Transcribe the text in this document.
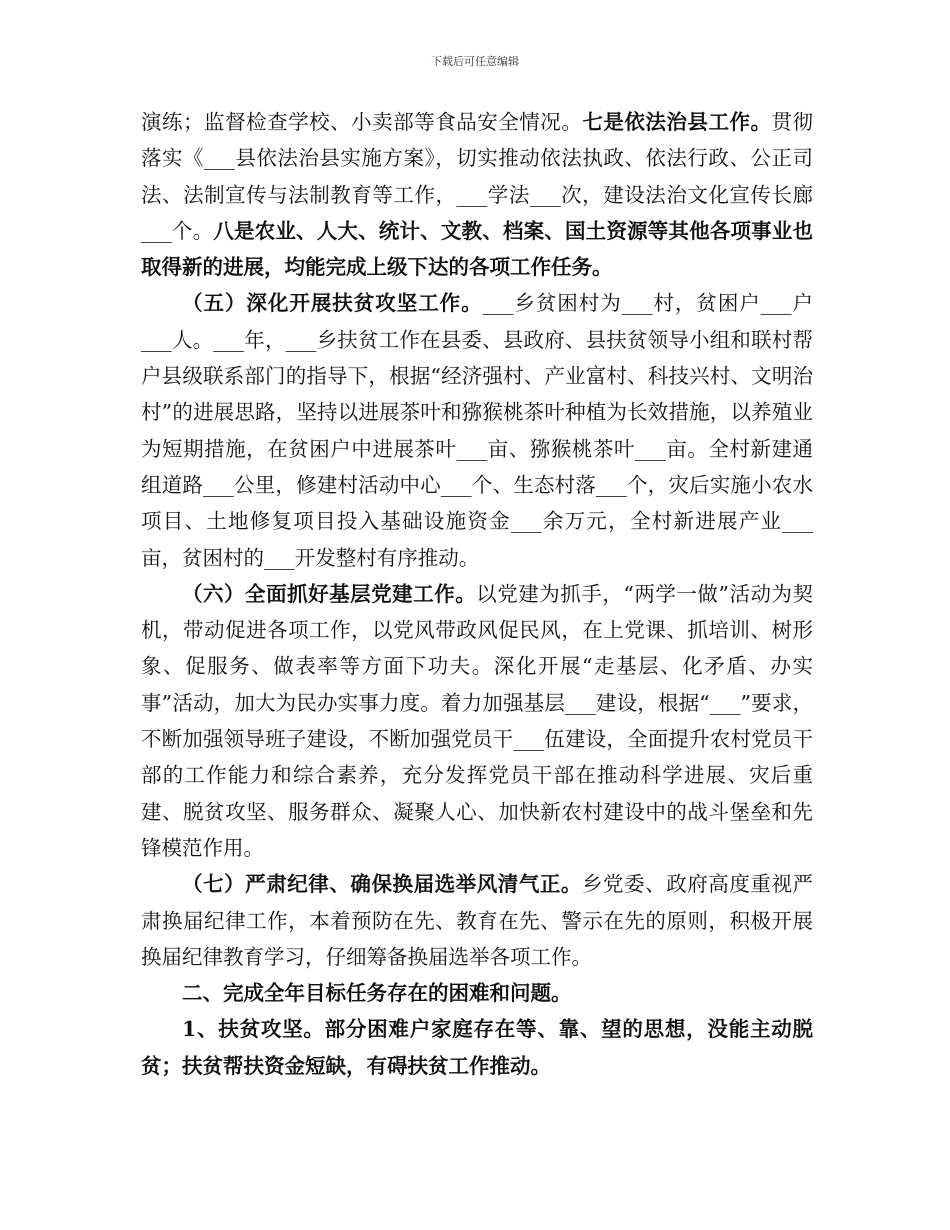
下载后可任意编辑

演练；监督检查学校、小卖部等食品安全情况。七是依法治县工作。贯彻落实《___县依法治县实施方案》，切实推动依法执政、依法行政、公正司法、法制宣传与法制教育等工作，___学法___次，建设法治文化宣传长廊___个。八是农业、人大、统计、文教、档案、国土资源等其他各项事业也取得新的进展，均能完成上级下达的各项工作任务。

（五）深化开展扶贫攻坚工作。___乡贫困村为___村，贫困户___户___人。___年，___乡扶贫工作在县委、县政府、县扶贫领导小组和联村帮户县级联系部门的指导下，根据“经济强村、产业富村、科技兴村、文明治村”的进展思路，坚持以进展茶叶和猕猴桃茶叶种植为长效措施，以养殖业为短期措施，在贫困户中进展茶叶___亩、猕猴桃茶叶___亩。全村新建通组道路___公里，修建村活动中心___个、生态村落___个，灾后实施小农水项目、土地修复项目投入基础设施资金___余万元，全村新进展产业___亩，贫困村的___开发整村有序推动。

（六）全面抓好基层党建工作。以党建为抓手，“两学一做”活动为契机，带动促进各项工作，以党风带政风促民风，在上党课、抓培训、树形象、促服务、做表率等方面下功夫。深化开展“走基层、化矛盾、办实事”活动，加大为民办实事力度。着力加强基层___建设，根据“___”要求，不断加强领导班子建设，不断加强党员干___伍建设，全面提升农村党员干部的工作能力和综合素养，充分发挥党员干部在推动科学进展、灾后重建、脱贫攻坚、服务群众、凝聚人心、加快新农村建设中的战斗堡垒和先锋模范作用。

（七）严肃纪律、确保换届选举风清气正。乡党委、政府高度重视严肃换届纪律工作，本着预防在先、教育在先、警示在先的原则，积极开展换届纪律教育学习，仔细筹备换届选举各项工作。

二、完成全年目标任务存在的困难和问题。

1、扶贫攻坚。部分困难户家庭存在等、靠、望的思想，没能主动脱贫；扶贫帮扶资金短缺，有碍扶贫工作推动。
